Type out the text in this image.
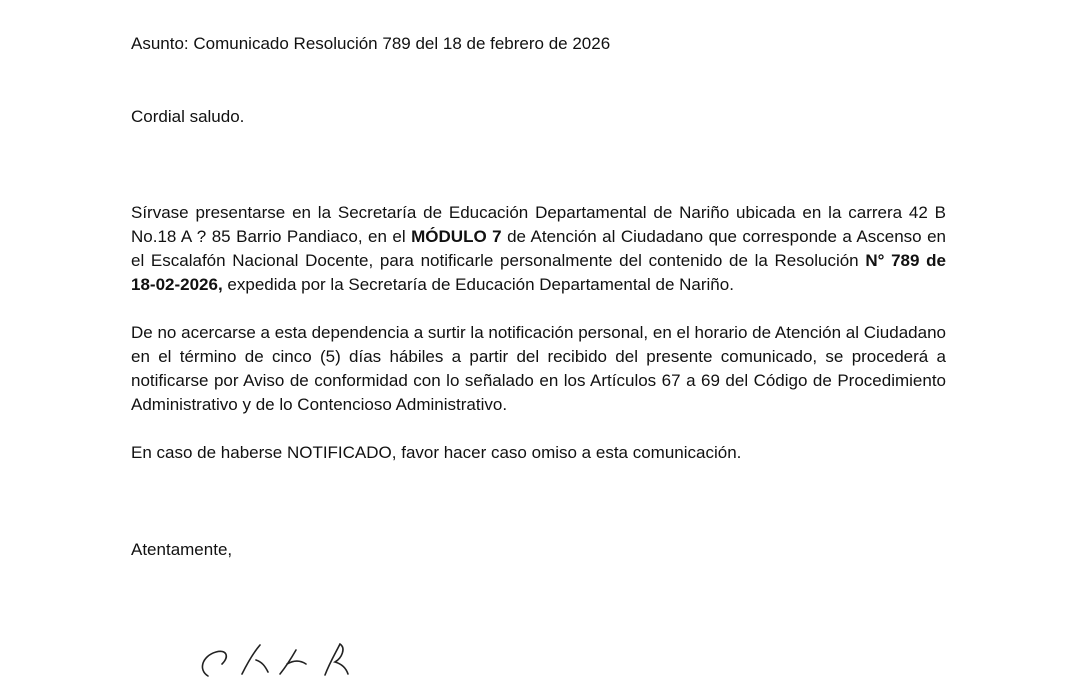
Asunto: Comunicado Resolución 789 del 18 de febrero de 2026

Cordial saludo.

Sírvase presentarse en la Secretaría de Educación Departamental de Nariño ubicada en la carrera 42 B No.18 A ? 85 Barrio Pandiaco, en el MÓDULO 7 de Atención al Ciudadano que corresponde a Ascenso en el Escalafón Nacional Docente, para notificarle personalmente del contenido de la Resolución N° 789 de 18-02-2026, expedida por la Secretaría de Educación Departamental de Nariño.

De no acercarse a esta dependencia a surtir la notificación personal, en el horario de Atención al Ciudadano en el término de cinco (5) días hábiles a partir del recibido del presente comunicado, se procederá a notificarse por Aviso de conformidad con lo señalado en los Artículos 67 a 69 del Código de Procedimiento Administrativo y de lo Contencioso Administrativo.

En caso de haberse NOTIFICADO, favor hacer caso omiso a esta comunicación.

Atentamente,
